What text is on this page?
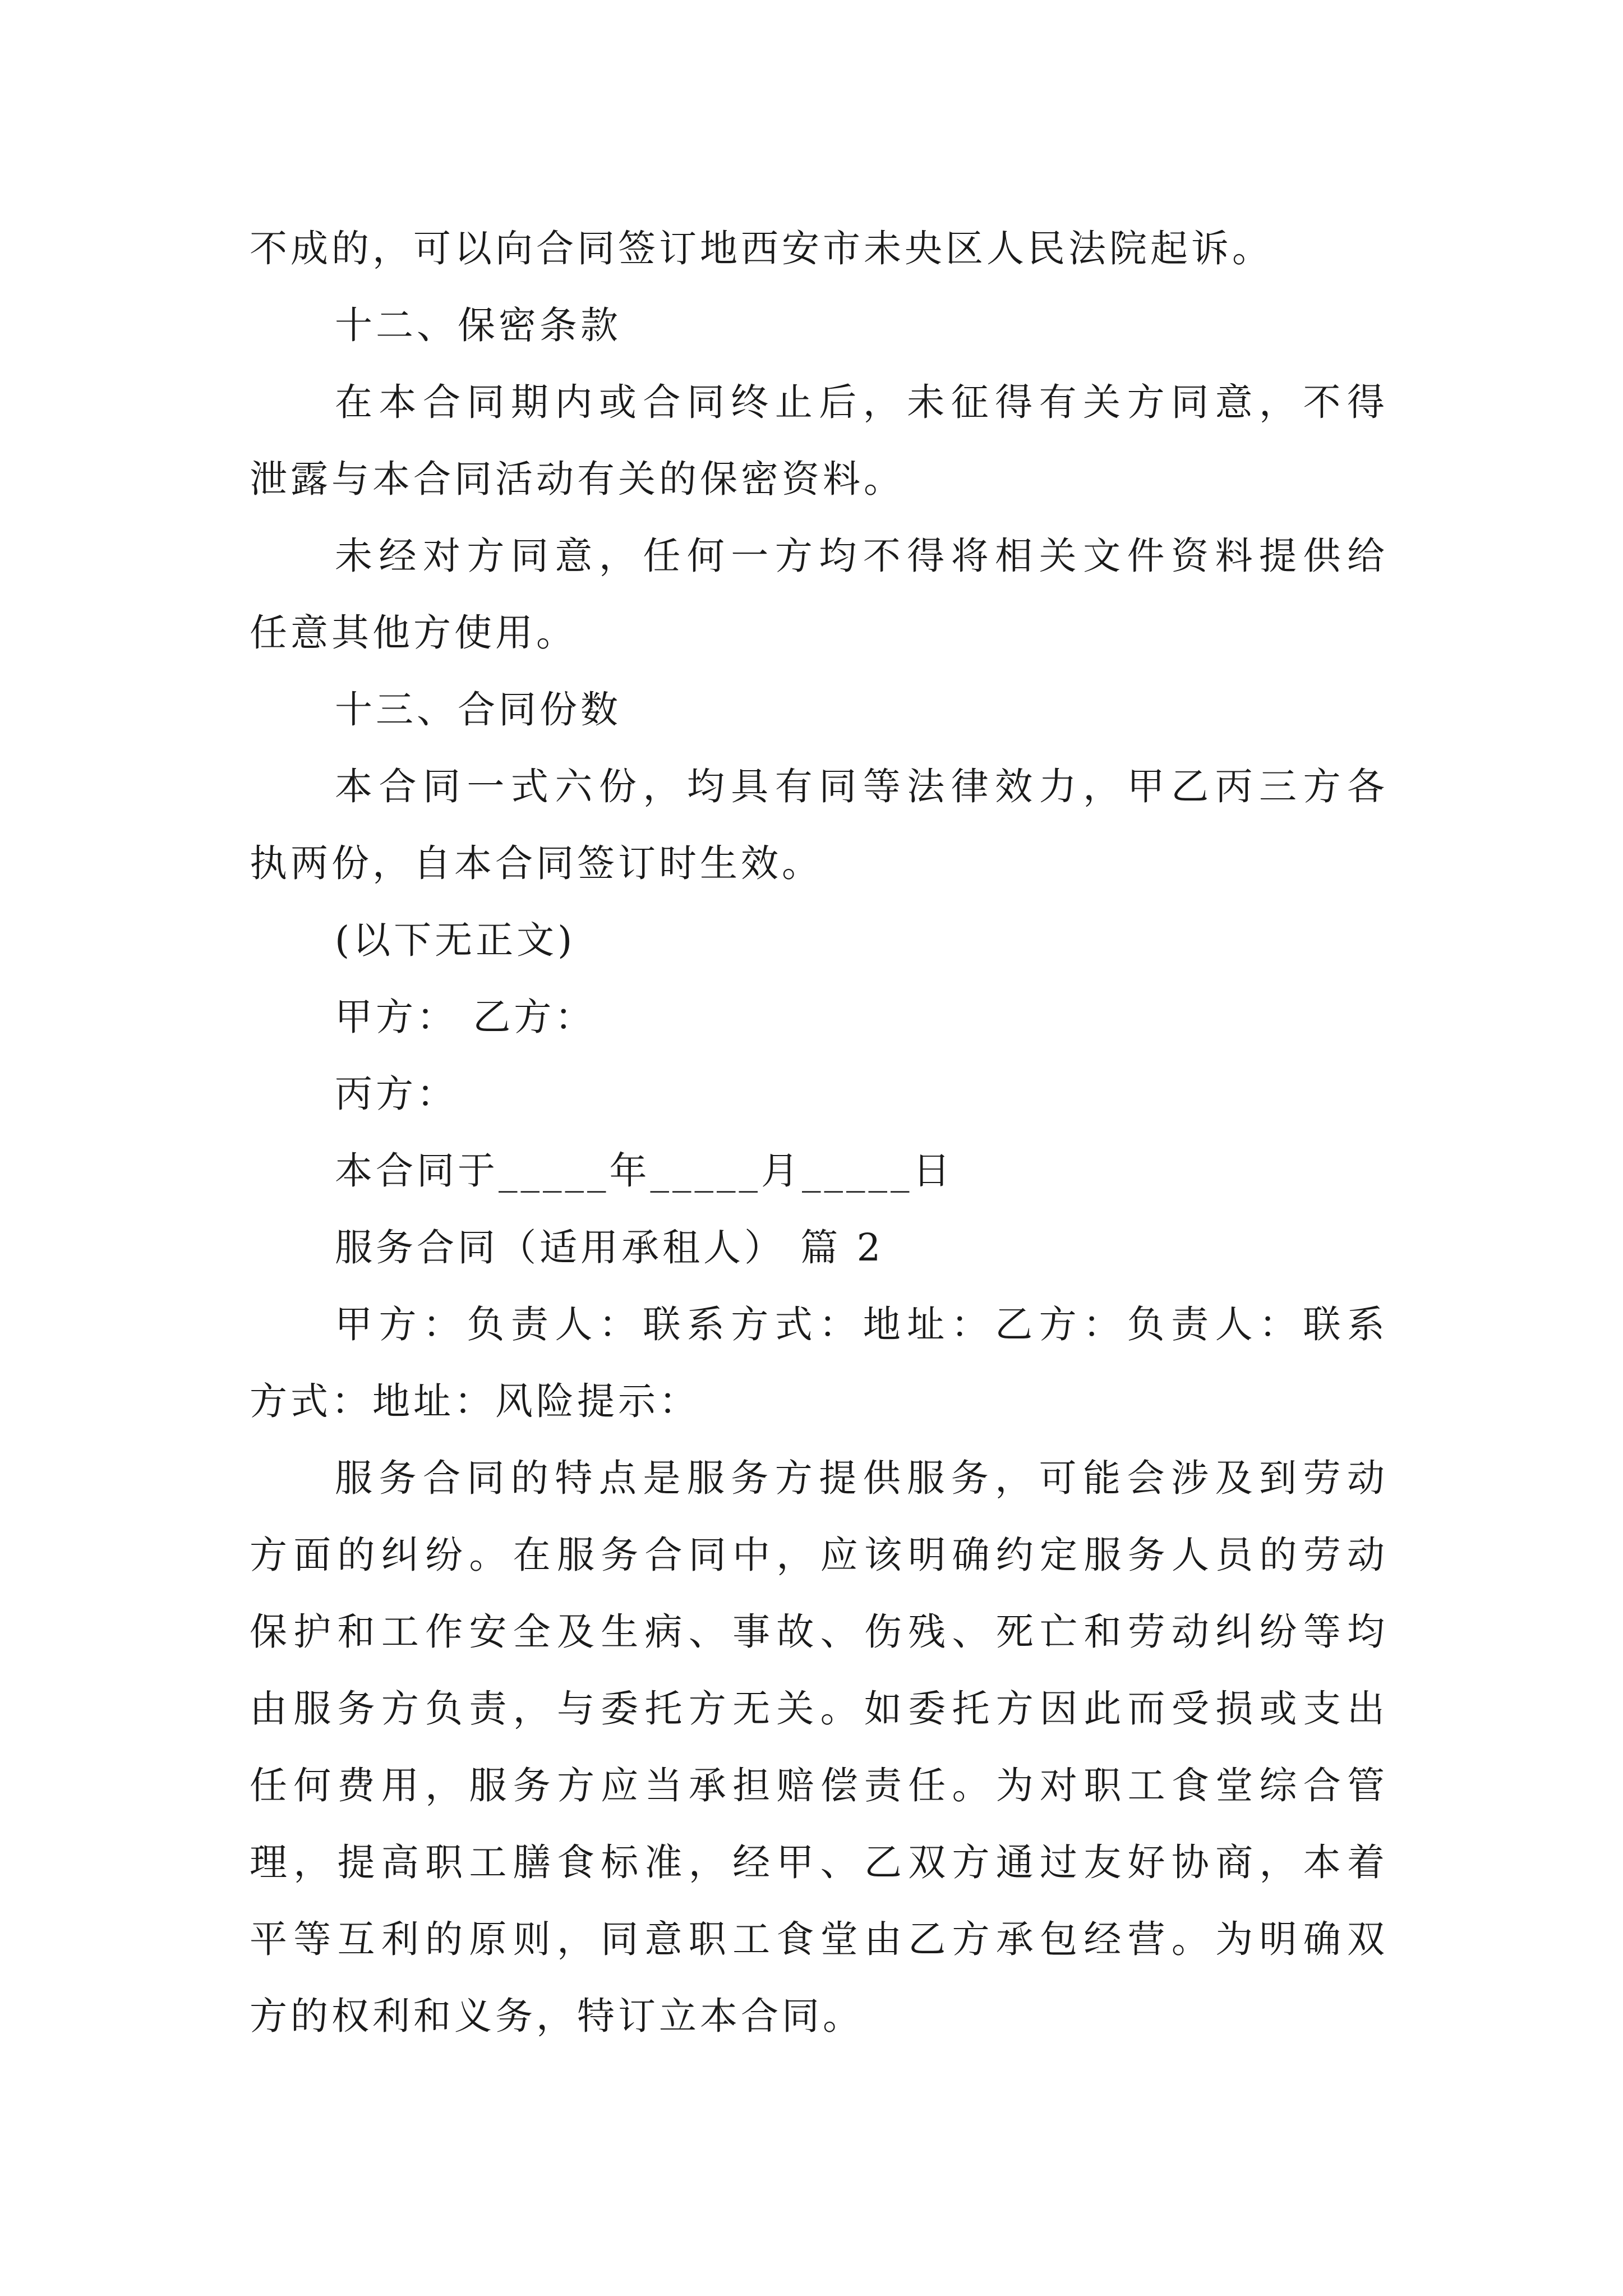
不成的，可以向合同签订地西安市未央区人民法院起诉。
十二、保密条款
在本合同期内或合同终止后，未征得有关方同意，不得
泄露与本合同活动有关的保密资料。
未经对方同意，任何一方均不得将相关文件资料提供给
任意其他方使用。
十三、合同份数
本合同一式六份，均具有同等法律效力，甲乙丙三方各
执两份，自本合同签订时生效。
(以下无正文)
甲方： 乙方：
丙方：
本合同于_____年_____月_____日
服务合同（适用承租人） 篇 2
甲方：负责人：联系方式：地址：乙方：负责人：联系
方式：地址：风险提示：
服务合同的特点是服务方提供服务，可能会涉及到劳动
方面的纠纷。在服务合同中，应该明确约定服务人员的劳动
保护和工作安全及生病、事故、伤残、死亡和劳动纠纷等均
由服务方负责，与委托方无关。如委托方因此而受损或支出
任何费用，服务方应当承担赔偿责任。为对职工食堂综合管
理，提高职工膳食标准，经甲、乙双方通过友好协商，本着
平等互利的原则，同意职工食堂由乙方承包经营。为明确双
方的权利和义务，特订立本合同。
